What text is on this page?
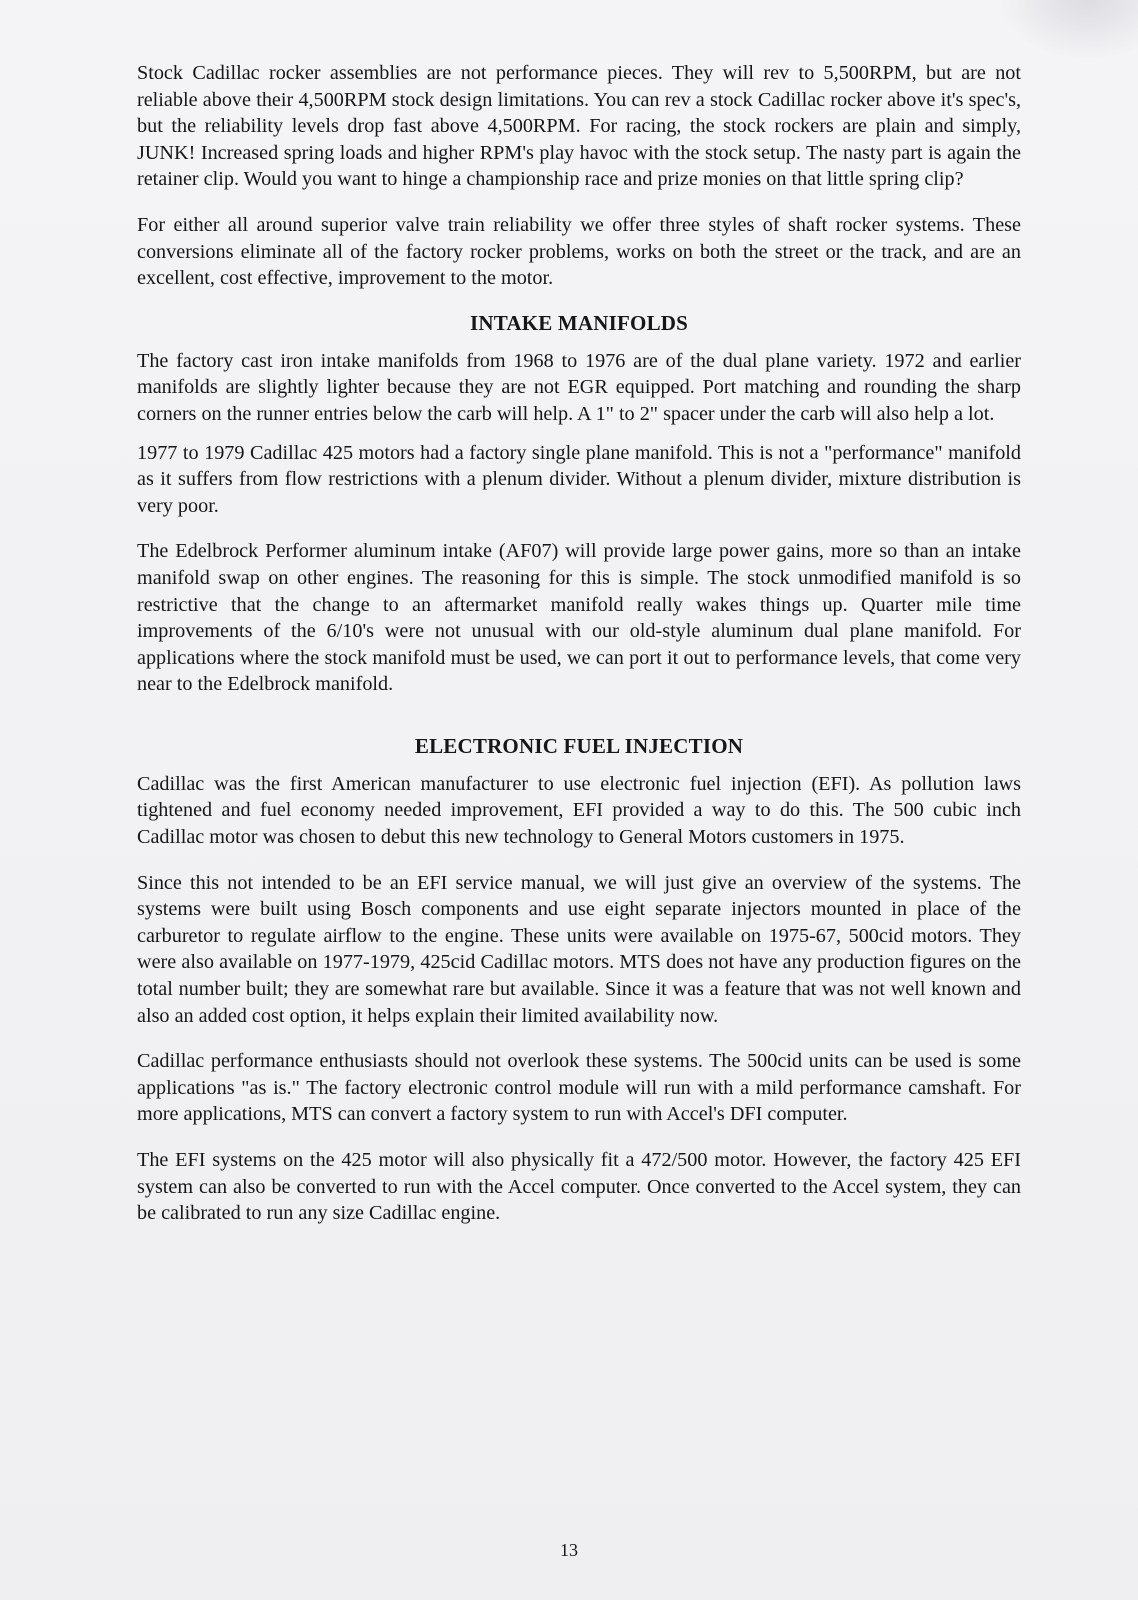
Stock Cadillac rocker assemblies are not performance pieces. They will rev to 5,500RPM, but are not reliable above their 4,500RPM stock design limitations. You can rev a stock Cadillac rocker above it's spec's, but the reliability levels drop fast above 4,500RPM. For racing, the stock rockers are plain and simply, JUNK! Increased spring loads and higher RPM's play havoc with the stock setup. The nasty part is again the retainer clip. Would you want to hinge a championship race and prize monies on that little spring clip?

For either all around superior valve train reliability we offer three styles of shaft rocker systems. These conversions eliminate all of the factory rocker problems, works on both the street or the track, and are an excellent, cost effective, improvement to the motor.

INTAKE MANIFOLDS

The factory cast iron intake manifolds from 1968 to 1976 are of the dual plane variety. 1972 and earlier manifolds are slightly lighter because they are not EGR equipped. Port matching and rounding the sharp corners on the runner entries below the carb will help. A 1" to 2" spacer under the carb will also help a lot.

1977 to 1979 Cadillac 425 motors had a factory single plane manifold. This is not a "performance" manifold as it suffers from flow restrictions with a plenum divider. Without a plenum divider, mixture distribution is very poor.

The Edelbrock Performer aluminum intake (AF07) will provide large power gains, more so than an intake manifold swap on other engines. The reasoning for this is simple. The stock unmodified manifold is so restrictive that the change to an aftermarket manifold really wakes things up. Quarter mile time improvements of the 6/10's were not unusual with our old-style aluminum dual plane manifold. For applications where the stock manifold must be used, we can port it out to performance levels, that come very near to the Edelbrock manifold.

ELECTRONIC FUEL INJECTION

Cadillac was the first American manufacturer to use electronic fuel injection (EFI). As pollution laws tightened and fuel economy needed improvement, EFI provided a way to do this. The 500 cubic inch Cadillac motor was chosen to debut this new technology to General Motors customers in 1975.

Since this not intended to be an EFI service manual, we will just give an overview of the systems. The systems were built using Bosch components and use eight separate injectors mounted in place of the carburetor to regulate airflow to the engine. These units were available on 1975-67, 500cid motors. They were also available on 1977-1979, 425cid Cadillac motors. MTS does not have any production figures on the total number built; they are somewhat rare but available. Since it was a feature that was not well known and also an added cost option, it helps explain their limited availability now.

Cadillac performance enthusiasts should not overlook these systems. The 500cid units can be used is some applications "as is." The factory electronic control module will run with a mild performance camshaft. For more applications, MTS can convert a factory system to run with Accel's DFI computer.

The EFI systems on the 425 motor will also physically fit a 472/500 motor. However, the factory 425 EFI system can also be converted to run with the Accel computer. Once converted to the Accel system, they can be calibrated to run any size Cadillac engine.

13
